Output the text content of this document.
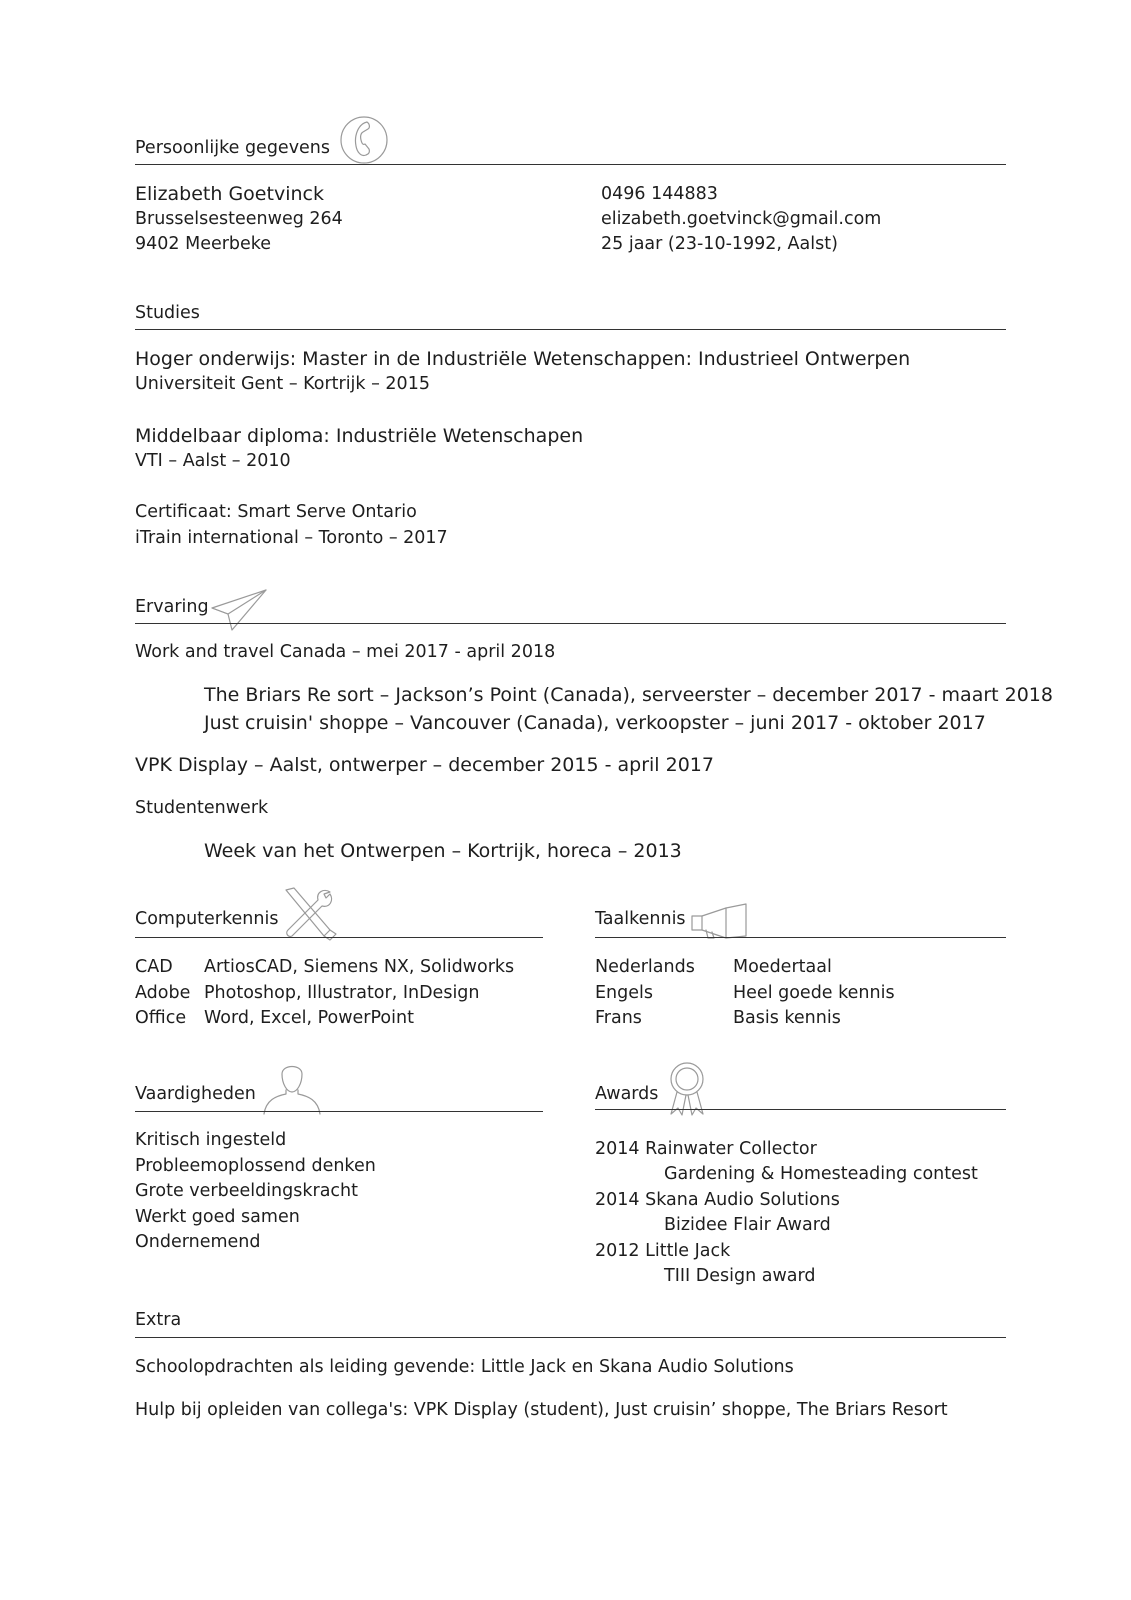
Persoonlijke gegevens
Elizabeth Goetvinck
Brusselsesteenweg 264
9402 Meerbeke
0496 144883
elizabeth.goetvinck@gmail.com
25 jaar (23-10-1992, Aalst)
Studies
Hoger onderwijs: Master in de Industriële Wetenschappen: Industrieel Ontwerpen
Universiteit Gent – Kortrijk – 2015
Middelbaar diploma: Industriële Wetenschapen
VTI – Aalst – 2010
Certificaat: Smart Serve Ontario
iTrain international – Toronto – 2017
Ervaring
Work and travel Canada – mei 2017 - april 2018
The Briars Re sort – Jackson’s Point (Canada), serveerster – december 2017 - maart 2018
Just cruisin' shoppe – Vancouver (Canada), verkoopster – juni 2017 - oktober 2017
VPK Display – Aalst, ontwerper – december 2015 - april 2017
Studentenwerk
Week van het Ontwerpen – Kortrijk, horeca – 2013
Computerkennis
CAD ArtiosCAD, Siemens NX, Solidworks
Adobe Photoshop, Illustrator, InDesign
Office Word, Excel, PowerPoint
Taalkennis
Nederlands Moedertaal
Engels	Heel goede kennis
Frans	Basis kennis
Vaardigheden
Kritisch ingesteld
Probleemoplossend denken
Grote verbeeldingskracht
Werkt goed samen
Ondernemend
Awards
2014 Rainwater Collector
Gardening & Homesteading contest
2014 Skana Audio Solutions
Bizidee Flair Award
2012 Little Jack
TIII Design award
Extra
Schoolopdrachten als leiding gevende: Little Jack en Skana Audio Solutions
Hulp bij opleiden van collega's: VPK Display (student), Just cruisin’ shoppe, The Briars Resort
